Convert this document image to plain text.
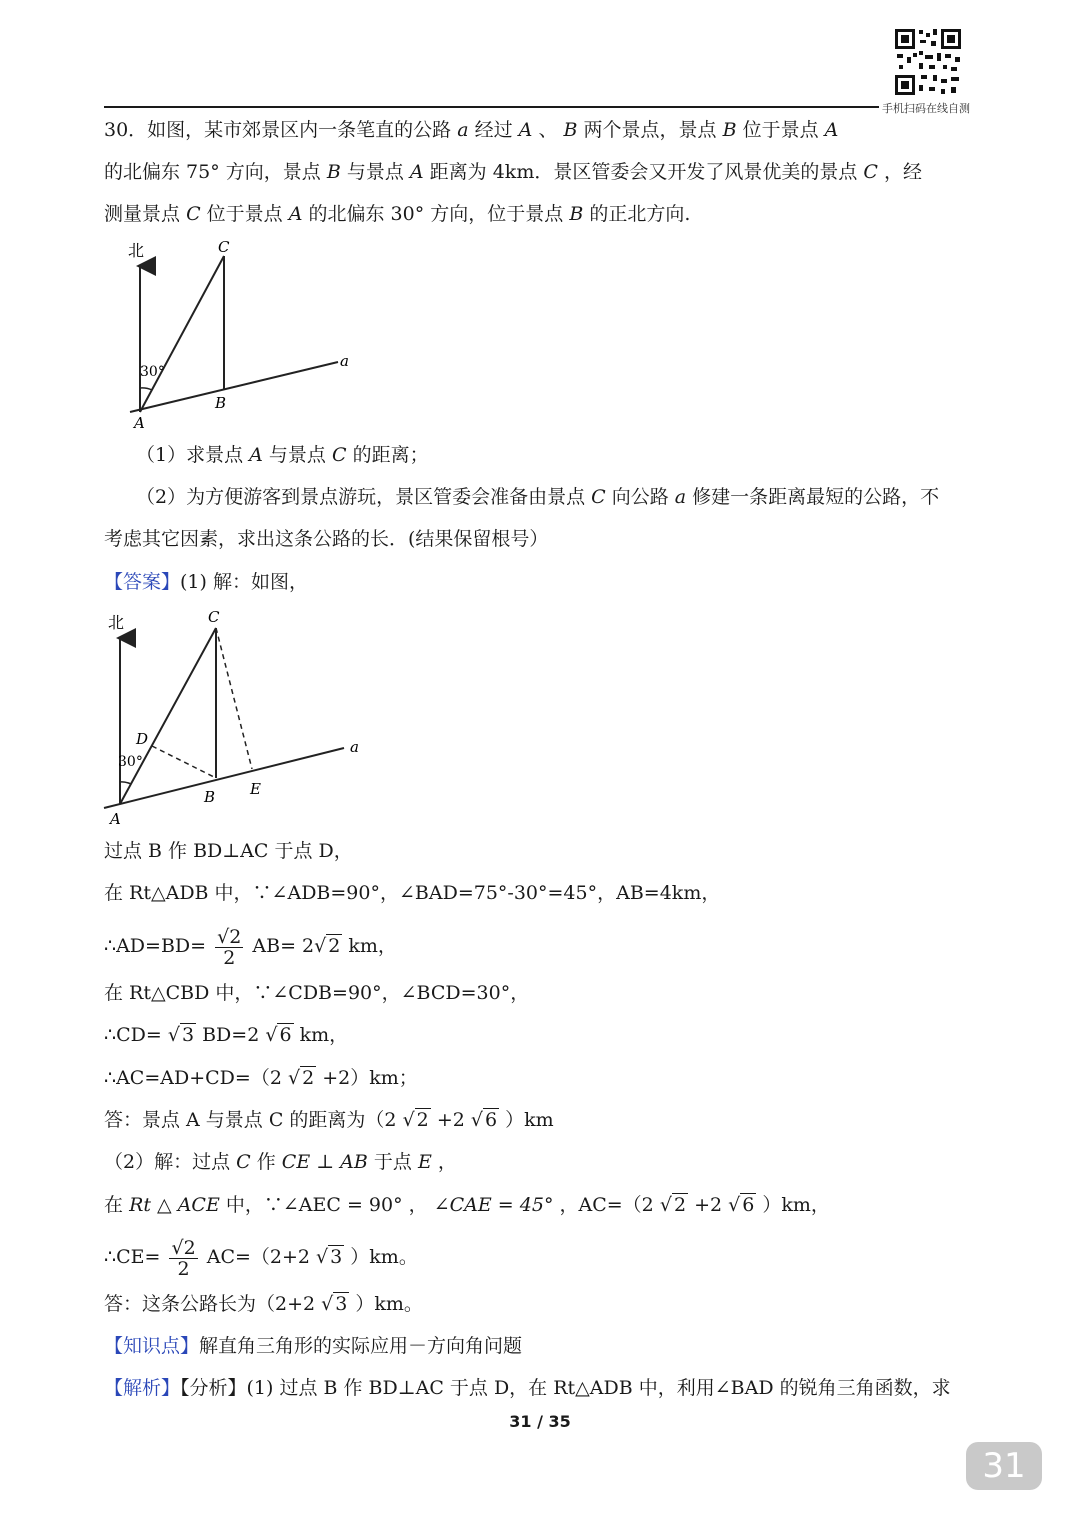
手机扫码在线自测
30．如图，某市郊景区内一条笔直的公路 a 经过 A 、 B 两个景点，景点 B 位于景点 A
的北偏东 75° 方向，景点 B 与景点 A 距离为 4km．景区管委会又开发了风景优美的景点 C ，经
测量景点 C 位于景点 A 的北偏东 30° 方向，位于景点 B 的正北方向.
北
30°
A
B
C
a
（1）求景点 A 与景点 C 的距离；
（2）为方便游客到景点游玩，景区管委会准备由景点 C 向公路 a 修建一条距离最短的公路，不
考虑其它因素，求出这条公路的长．(结果保留根号）
【答案】(1) 解：如图，
北
30°
A
B
C
D
E
a
过点 B 作 BD⊥AC 于点 D，
在 Rt△ADB 中，∵∠ADB=90°，∠BAD=75°-30°=45°，AB=4km，
∴AD=BD= $\frac{√2}{2} AB= 2√$ 2 km，
在 Rt△CBD 中，∵∠CDB=90°，∠BCD=30°，
∴CD= √ 3 BD=2 √ 6 km，
∴AC=AD+CD=（2 √ 2 +2）km；
答：景点 A 与景点 C 的距离为（2 √ 2 +2 √ 6 ）km
（2）解：过点 C 作 CE ⊥ AB 于点 E ，
在 Rt △ ACE 中，∵∠AEC = 90° ， ∠CAE = 45° ，AC=（2 √ 2 +2 √ 6 ）km，
∴CE= $\frac{√2}{2} AC=(2+2$ √ 3 ）km。
答：这条公路长为（2+2 √ 3 ）km。
【知识点】解直角三角形的实际应用－方向角问题
【解析】【分析】(1) 过点 B 作 BD⊥AC 于点 D，在 Rt△ADB 中，利用∠BAD 的锐角三角函数，求
31 / 35
31
